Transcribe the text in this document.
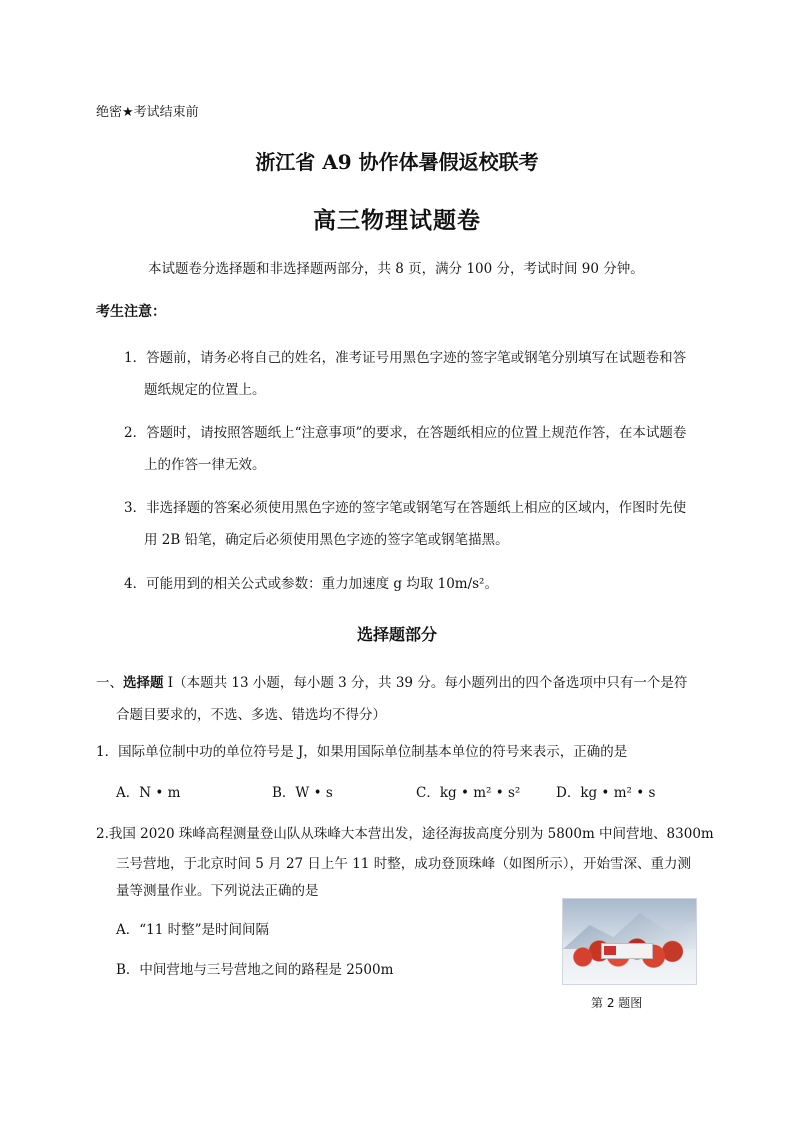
绝密★考试结束前
浙江省 A9 协作体暑假返校联考
高三物理试题卷
本试题卷分选择题和非选择题两部分，共 8 页，满分 100 分，考试时间 90 分钟。
考生注意：
1．答题前，请务必将自己的姓名，准考证号用黑色字迹的签字笔或钢笔分别填写在试题卷和答
题纸规定的位置上。
2．答题时，请按照答题纸上“注意事项”的要求，在答题纸相应的位置上规范作答，在本试题卷
上的作答一律无效。
3．非选择题的答案必须使用黑色字迹的签字笔或钢笔写在答题纸上相应的区域内，作图时先使
用 2B 铅笔，确定后必须使用黑色字迹的签字笔或钢笔描黑。
4．可能用到的相关公式或参数：重力加速度 g 均取 10m/s²。
选择题部分
一、选择题 I（本题共 13 小题，每小题 3 分，共 39 分。每小题列出的四个备选项中只有一个是符
合题目要求的，不选、多选、错选均不得分）
1．国际单位制中功的单位符号是 J，如果用国际单位制基本单位的符号来表示，正确的是
A．N • m	B．W • s	C．kg • m² • s²	D．kg • m² • s
2.我国 2020 珠峰高程测量登山队从珠峰大本营出发，途径海拔高度分别为 5800m 中间营地、8300m
三号营地，于北京时间 5 月 27 日上午 11 时整，成功登顶珠峰（如图所示），开始雪深、重力测
量等测量作业。下列说法正确的是
A．“11 时整”是时间间隔
B．中间营地与三号营地之间的路程是 2500m
第 2 题图
